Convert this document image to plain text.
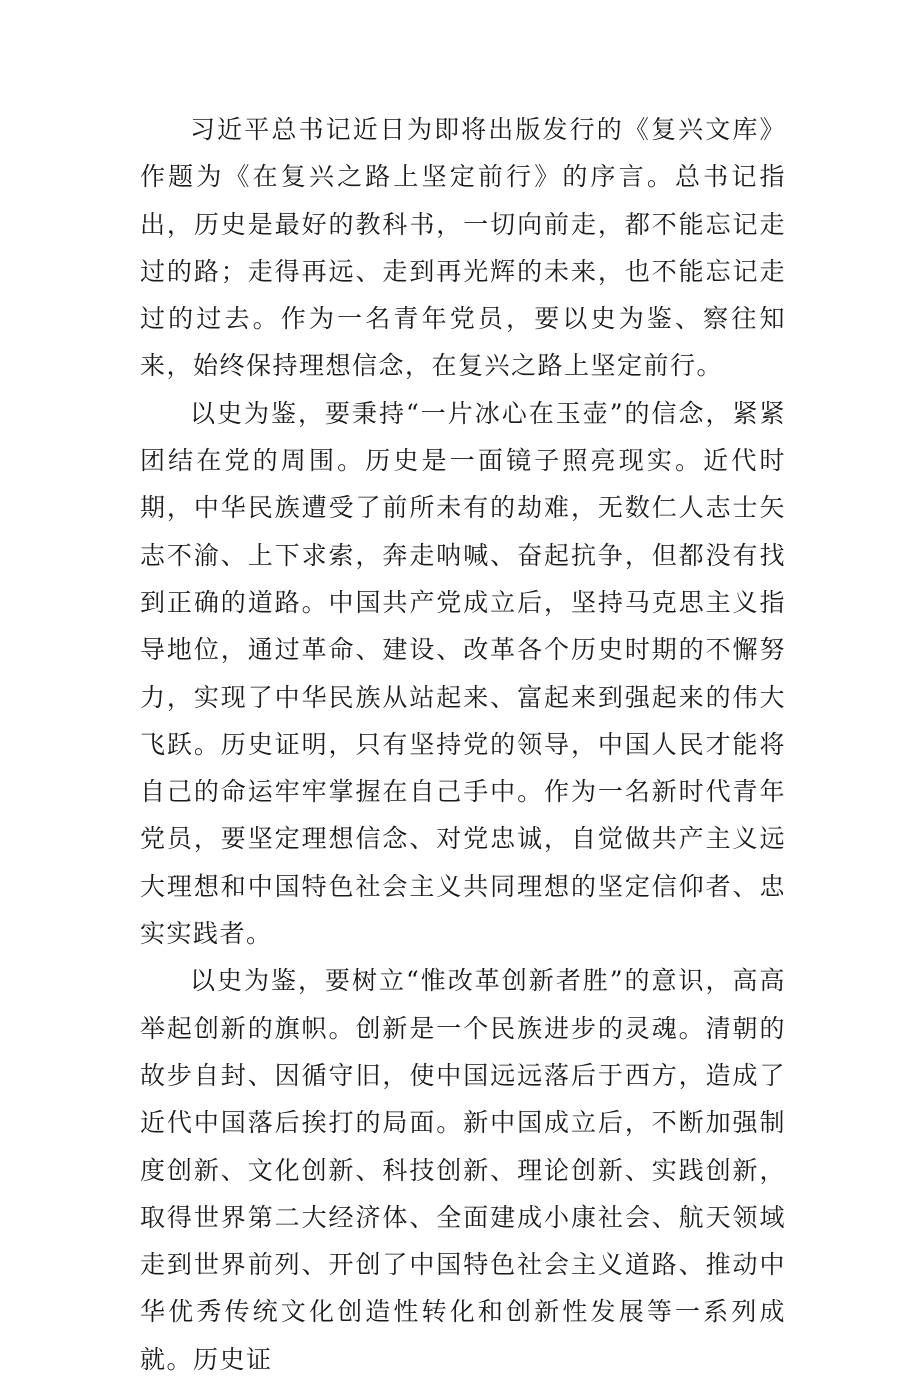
习近平总书记近日为即将出版发行的《复兴文库》作题为《在复兴之路上坚定前行》的序言。总书记指出，历史是最好的教科书，一切向前走，都不能忘记走过的路；走得再远、走到再光辉的未来，也不能忘记走过的过去。作为一名青年党员，要以史为鉴、察往知来，始终保持理想信念，在复兴之路上坚定前行。

以史为鉴，要秉持“一片冰心在玉壶”的信念，紧紧团结在党的周围。历史是一面镜子照亮现实。近代时期，中华民族遭受了前所未有的劫难，无数仁人志士矢志不渝、上下求索，奔走呐喊、奋起抗争，但都没有找到正确的道路。中国共产党成立后，坚持马克思主义指导地位，通过革命、建设、改革各个历史时期的不懈努力，实现了中华民族从站起来、富起来到强起来的伟大飞跃。历史证明，只有坚持党的领导，中国人民才能将自己的命运牢牢掌握在自己手中。作为一名新时代青年党员，要坚定理想信念、对党忠诚，自觉做共产主义远大理想和中国特色社会主义共同理想的坚定信仰者、忠实实践者。

以史为鉴，要树立“惟改革创新者胜”的意识，高高举起创新的旗帜。创新是一个民族进步的灵魂。清朝的故步自封、因循守旧，使中国远远落后于西方，造成了近代中国落后挨打的局面。新中国成立后，不断加强制度创新、文化创新、科技创新、理论创新、实践创新，取得世界第二大经济体、全面建成小康社会、航天领域走到世界前列、开创了中国特色社会主义道路、推动中华优秀传统文化创造性转化和创新性发展等一系列成就。历史证
